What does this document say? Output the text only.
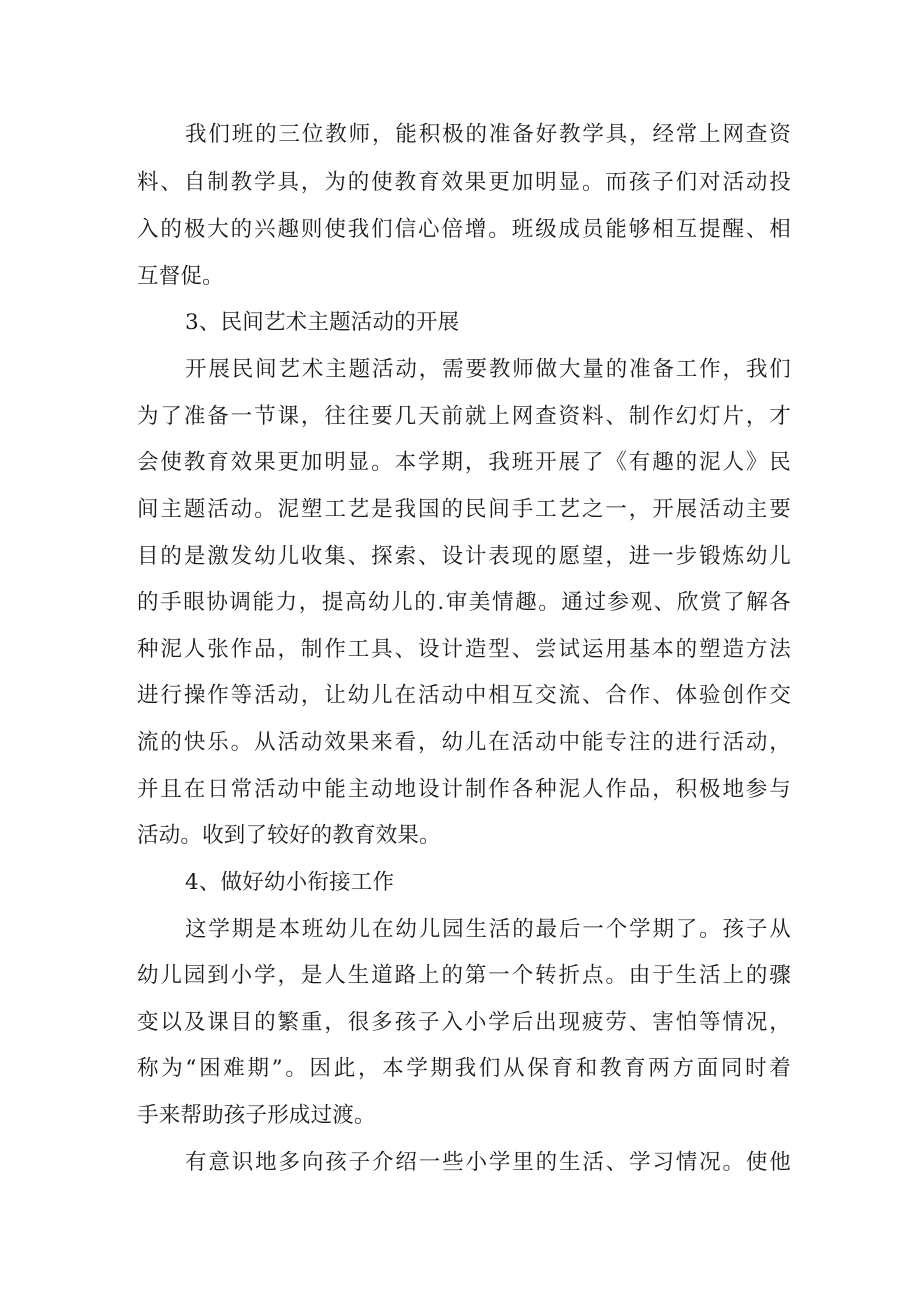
我们班的三位教师，能积极的准备好教学具，经常上网查资
料、自制教学具，为的使教育效果更加明显。而孩子们对活动投
入的极大的兴趣则使我们信心倍增。班级成员能够相互提醒、相
互督促。
3、民间艺术主题活动的开展
开展民间艺术主题活动，需要教师做大量的准备工作，我们
为了准备一节课，往往要几天前就上网查资料、制作幻灯片，才
会使教育效果更加明显。本学期，我班开展了《有趣的泥人》民
间主题活动。泥塑工艺是我国的民间手工艺之一，开展活动主要
目的是激发幼儿收集、探索、设计表现的愿望，进一步锻炼幼儿
的手眼协调能力，提高幼儿的.审美情趣。通过参观、欣赏了解各
种泥人张作品，制作工具、设计造型、尝试运用基本的塑造方法
进行操作等活动，让幼儿在活动中相互交流、合作、体验创作交
流的快乐。从活动效果来看，幼儿在活动中能专注的进行活动，
并且在日常活动中能主动地设计制作各种泥人作品，积极地参与
活动。收到了较好的教育效果。
4、做好幼小衔接工作
这学期是本班幼儿在幼儿园生活的最后一个学期了。孩子从
幼儿园到小学，是人生道路上的第一个转折点。由于生活上的骤
变以及课目的繁重，很多孩子入小学后出现疲劳、害怕等情况，
称为“困难期”。因此，本学期我们从保育和教育两方面同时着
手来帮助孩子形成过渡。
有意识地多向孩子介绍一些小学里的生活、学习情况。使他
